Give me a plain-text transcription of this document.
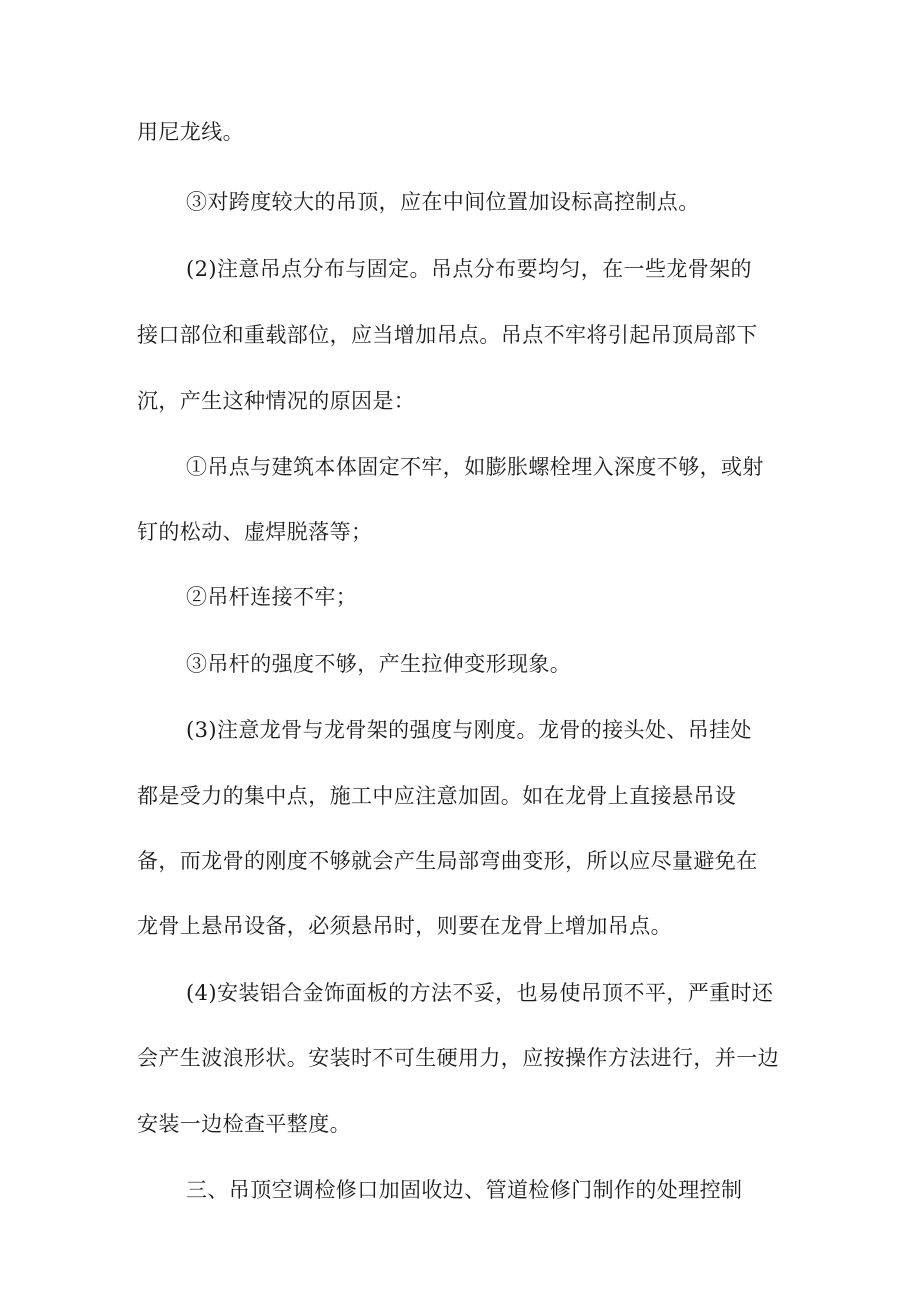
用尼龙线。

③对跨度较大的吊顶，应在中间位置加设标高控制点。

(2)注意吊点分布与固定。吊点分布要均匀，在一些龙骨架的

接口部位和重载部位，应当增加吊点。吊点不牢将引起吊顶局部下

沉，产生这种情况的原因是：

①吊点与建筑本体固定不牢，如膨胀螺栓埋入深度不够，或射

钉的松动、虚焊脱落等；

②吊杆连接不牢；

③吊杆的强度不够，产生拉伸变形现象。

(3)注意龙骨与龙骨架的强度与刚度。龙骨的接头处、吊挂处

都是受力的集中点，施工中应注意加固。如在龙骨上直接悬吊设

备，而龙骨的刚度不够就会产生局部弯曲变形，所以应尽量避免在

龙骨上悬吊设备，必须悬吊时，则要在龙骨上增加吊点。

(4)安装铝合金饰面板的方法不妥，也易使吊顶不平，严重时还

会产生波浪形状。安装时不可生硬用力，应按操作方法进行，并一边

安装一边检查平整度。

三、吊顶空调检修口加固收边、管道检修门制作的处理控制
